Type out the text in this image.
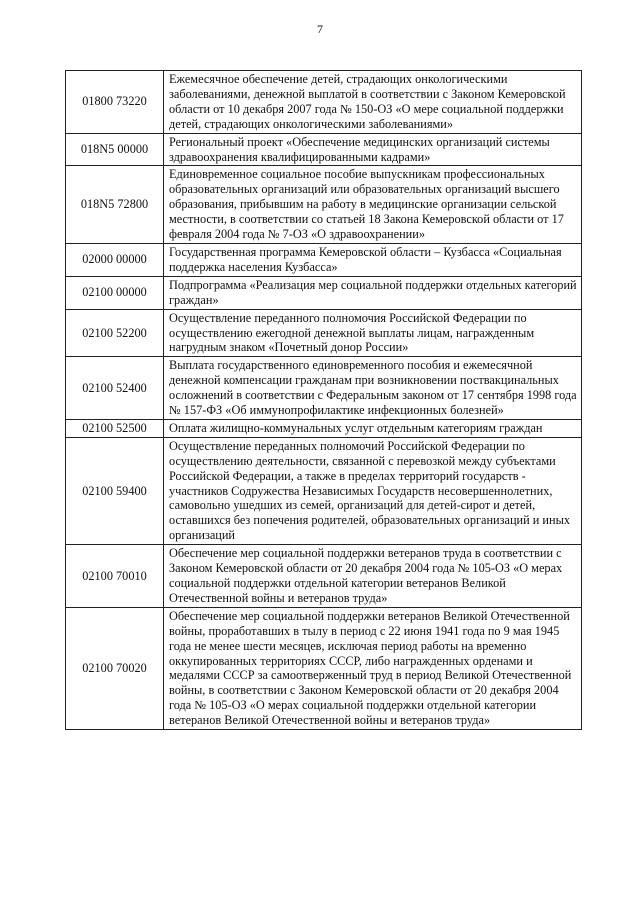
7
01800 73220	Ежемесячное обеспечение детей, страдающих онкологическими заболеваниями, денежной выплатой в соответствии с Законом Кемеровской области от 10 декабря 2007 года № 150-ОЗ «О мере социальной поддержки детей, страдающих онкологическими заболеваниями»
018N5 00000	Региональный проект «Обеспечение медицинских организаций системы здравоохранения квалифицированными кадрами»
018N5 72800	Единовременное социальное пособие выпускникам профессиональных образовательных организаций или образовательных организаций высшего образования, прибывшим на работу в медицинские организации сельской местности, в соответствии со статьей 18 Закона Кемеровской области от 17 февраля 2004 года № 7-ОЗ «О здравоохранении»
02000 00000	Государственная программа Кемеровской области – Кузбасса «Социальная поддержка населения Кузбасса»
02100 00000	Подпрограмма «Реализация мер социальной поддержки отдельных категорий граждан»
02100 52200	Осуществление переданного полномочия Российской Федерации по осуществлению ежегодной денежной выплаты лицам, награжденным нагрудным знаком «Почетный донор России»
02100 52400	Выплата государственного единовременного пособия и ежемесячной денежной компенсации гражданам при возникновении поствакцинальных осложнений в соответствии с Федеральным законом от 17 сентября 1998 года № 157-ФЗ «Об иммунопрофилактике инфекционных болезней»
02100 52500	Оплата жилищно-коммунальных услуг отдельным категориям граждан
02100 59400	Осуществление переданных полномочий Российской Федерации по осуществлению деятельности, связанной с перевозкой между субъектами Российской Федерации, а также в пределах территорий государств - участников Содружества Независимых Государств несовершеннолетних, самовольно ушедших из семей, организаций для детей-сирот и детей, оставшихся без попечения родителей, образовательных организаций и иных организаций
02100 70010	Обеспечение мер социальной поддержки ветеранов труда в соответствии с Законом Кемеровской области от 20 декабря 2004 года № 105-ОЗ «О мерах социальной поддержки отдельной категории ветеранов Великой Отечественной войны и ветеранов труда»
02100 70020	Обеспечение мер социальной поддержки ветеранов Великой Отечественной войны, проработавших в тылу в период с 22 июня 1941 года по 9 мая 1945 года не менее шести месяцев, исключая период работы на временно оккупированных территориях СССР, либо награжденных орденами и медалями СССР за самоотверженный труд в период Великой Отечественной войны, в соответствии с Законом Кемеровской области от 20 декабря 2004 года № 105-ОЗ «О мерах социальной поддержки отдельной категории ветеранов Великой Отечественной войны и ветеранов труда»
